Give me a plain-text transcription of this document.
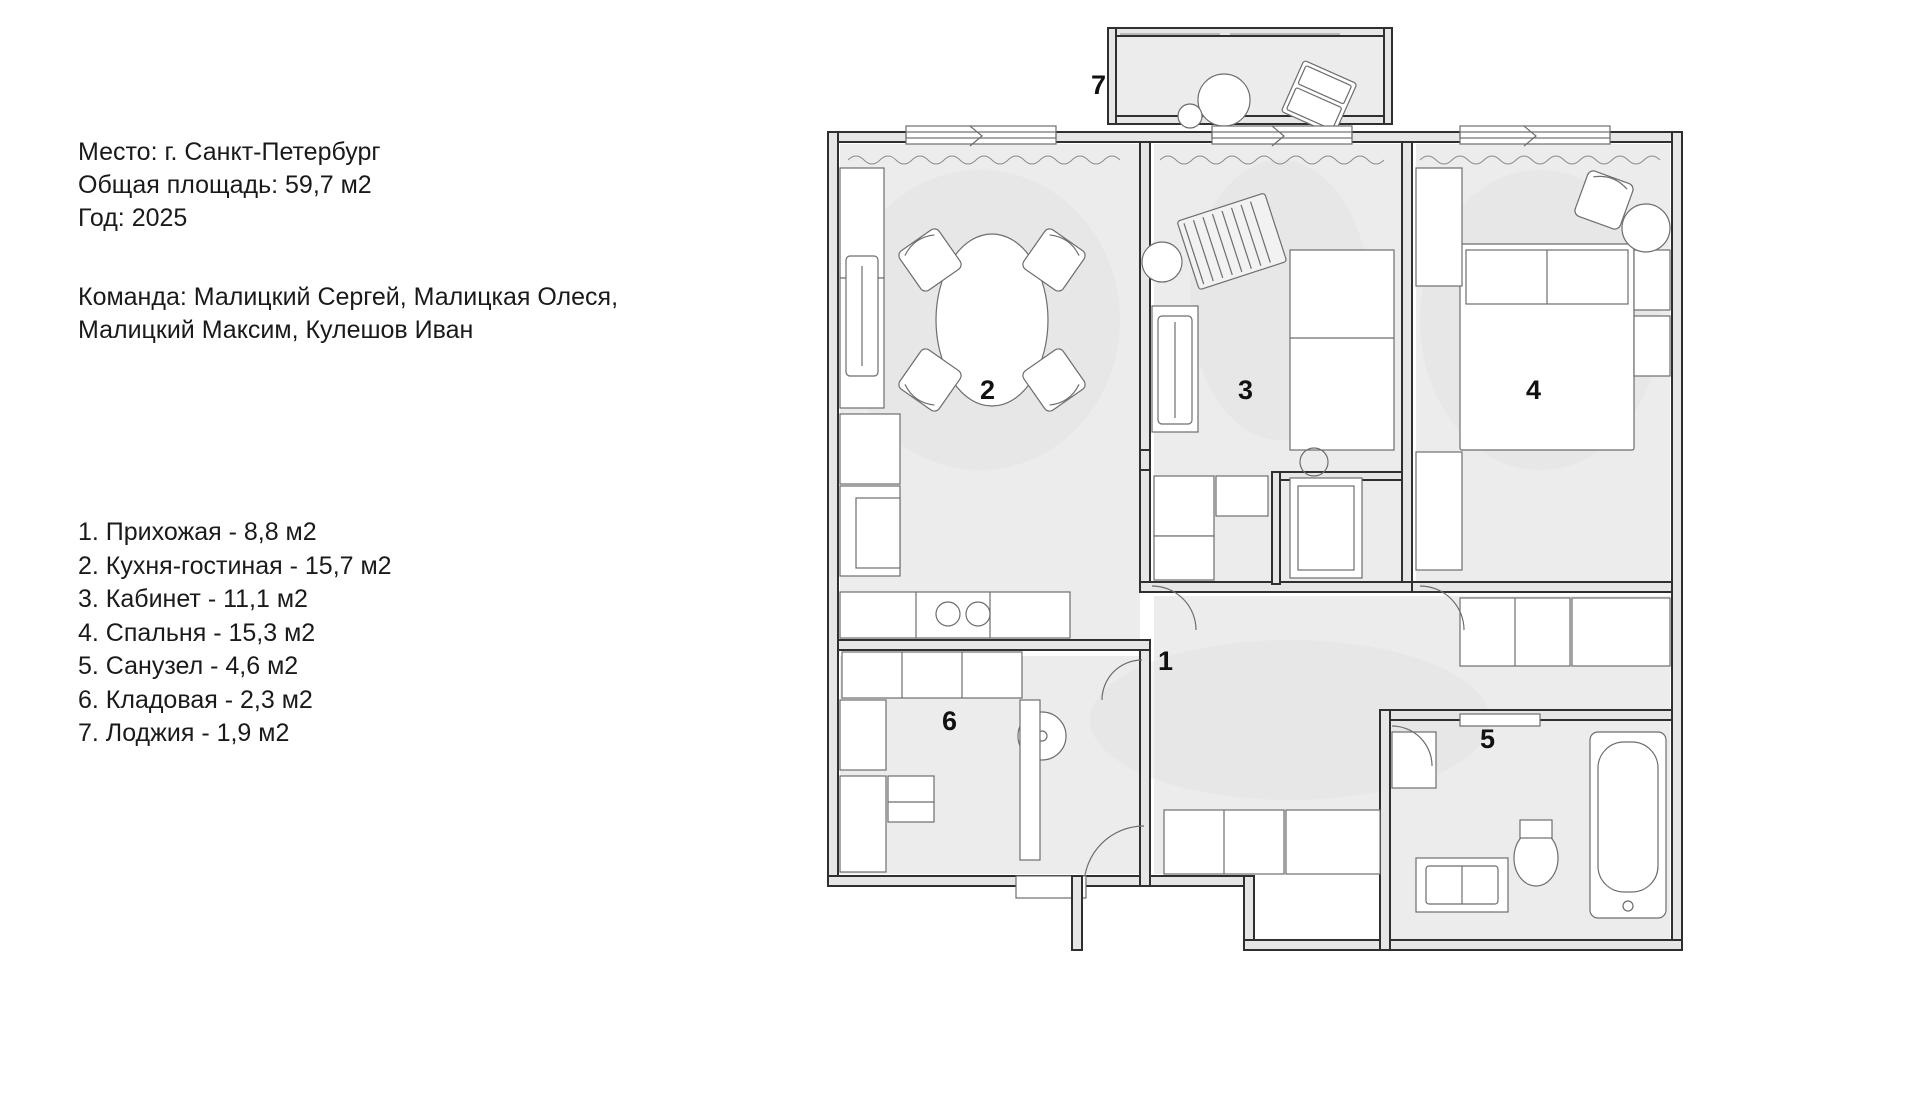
Место: г. Санкт-Петербург
Общая площадь: 59,7 м2
Год: 2025
Команда: Малицкий Сергей, Малицкая Олеся,
Малицкий Максим, Кулешов Иван
1. Прихожая - 8,8 м2
2. Кухня-гостиная - 15,7 м2
3. Кабинет - 11,1 м2
4. Спальня - 15,3 м2
5. Санузел - 4,6 м2
6. Кладовая - 2,3 м2
7. Лоджия - 1,9 м2
7
2	3	4
1
6
5
